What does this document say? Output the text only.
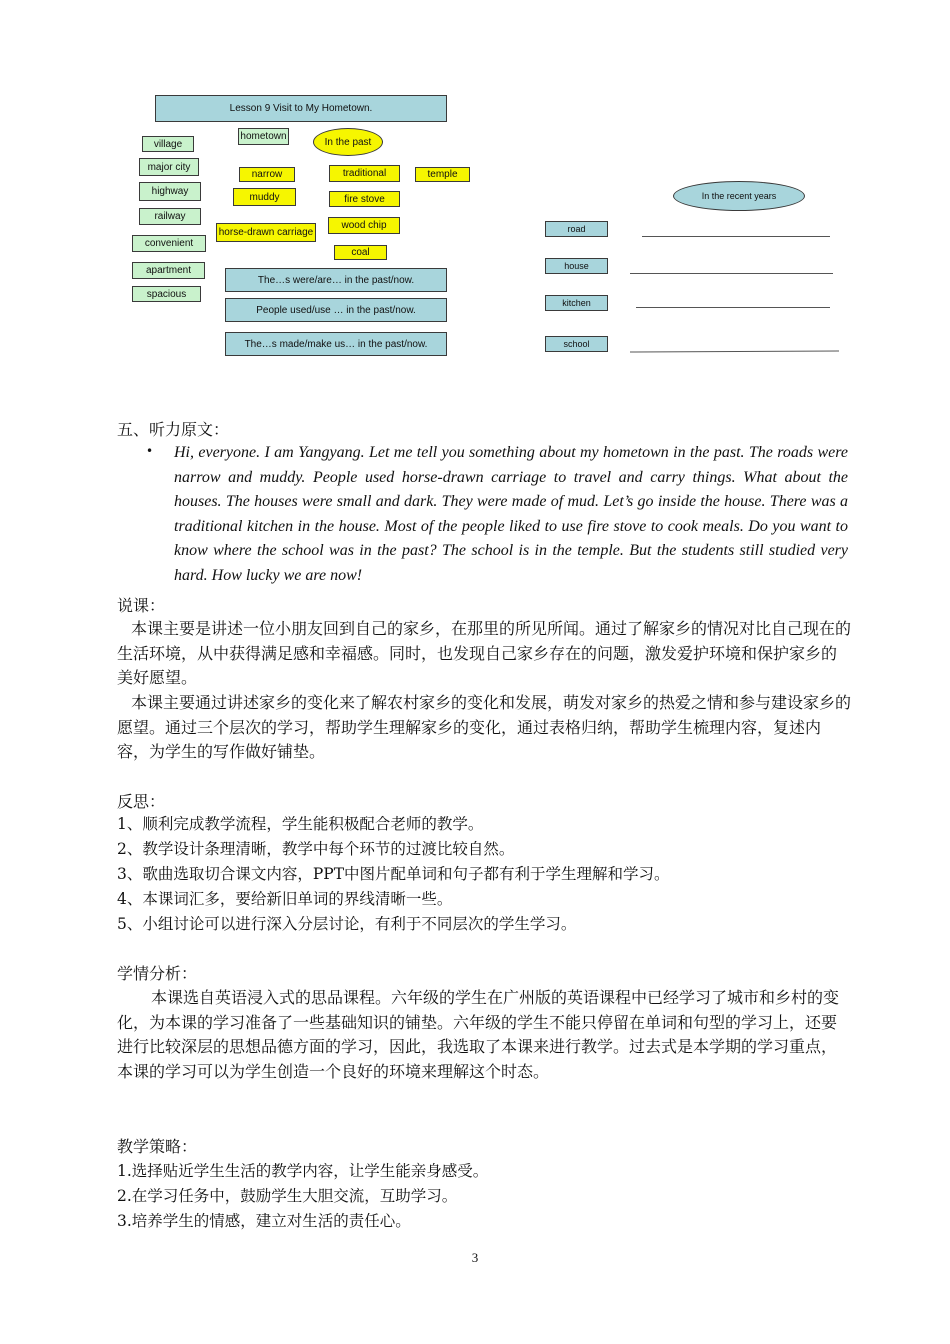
Lesson 9 Visit to My Hometown.
In the past
In the recent years
village
major city
highway
railway
convenient
apartment
spacious
hometown
narrow	traditional	temple
muddy	fire stove
wood chip
horse-drawn carriage
coal
The…s were/are… in the past/now.
People used/use … in the past/now.
The…s made/make us… in the past/now.
road
house
kitchen
school
五、听力原文：
• Hi, everyone. I am Yangyang. Let me tell you something about my hometown in the past. The roads were narrow and muddy. People used horse-drawn carriage to travel and carry things. What about the houses. The houses were small and dark. They were made of mud. Let’s go inside the house. There was a traditional kitchen in the house. Most of the people liked to use fire stove to cook meals. Do you want to know where the school was in the past? The school is in the temple. But the students still studied very hard. How lucky we are now!
说课：
本课主要是讲述一位小朋友回到自己的家乡，在那里的所见所闻。通过了解家乡的情况对比自己现在的生活环境，从中获得满足感和幸福感。同时，也发现自己家乡存在的问题，激发爱护环境和保护家乡的美好愿望。
本课主要通过讲述家乡的变化来了解农村家乡的变化和发展，萌发对家乡的热爱之情和参与建设家乡的愿望。通过三个层次的学习，帮助学生理解家乡的变化，通过表格归纳，帮助学生梳理内容，复述内容，为学生的写作做好铺垫。
反思：
1、顺利完成教学流程，学生能积极配合老师的教学。
2、教学设计条理清晰，教学中每个环节的过渡比较自然。
3、歌曲选取切合课文内容，PPT中图片配单词和句子都有利于学生理解和学习。
4、本课词汇多，要给新旧单词的界线清晰一些。
5、小组讨论可以进行深入分层讨论，有利于不同层次的学生学习。
学情分析：
本课选自英语浸入式的思品课程。六年级的学生在广州版的英语课程中已经学习了城市和乡村的变化，为本课的学习准备了一些基础知识的铺垫。六年级的学生不能只停留在单词和句型的学习上，还要进行比较深层的思想品德方面的学习，因此，我选取了本课来进行教学。过去式是本学期的学习重点，本课的学习可以为学生创造一个良好的环境来理解这个时态。
教学策略：
1.选择贴近学生生活的教学内容，让学生能亲身感受。
2.在学习任务中，鼓励学生大胆交流，互助学习。
3.培养学生的情感，建立对生活的责任心。
3
